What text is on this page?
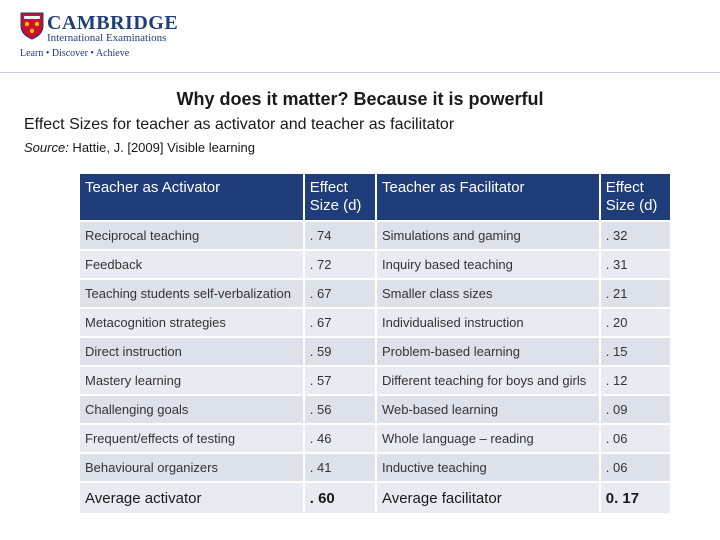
CAMBRIDGE
International Examinations
Learn • Discover • Achieve
Why does it matter? Because it is powerful
Effect Sizes for teacher as activator and teacher as facilitator
Source: Hattie, J. [2009] Visible learning
Teacher as Activator	Effect Size (d)	Teacher as Facilitator	Effect Size (d)
Reciprocal teaching	. 74	Simulations and gaming	. 32
Feedback	. 72	Inquiry based teaching	. 31
Teaching students self-verbalization	. 67	Smaller class sizes	. 21
Metacognition strategies	. 67	Individualised instruction	. 20
Direct instruction	. 59	Problem-based learning	. 15
Mastery learning	. 57	Different teaching for boys and girls	. 12
Challenging goals	. 56	Web-based learning	. 09
Frequent/effects of testing	. 46	Whole language – reading	. 06
Behavioural organizers	. 41	Inductive teaching	. 06
Average activator	. 60	Average facilitator	0. 17
